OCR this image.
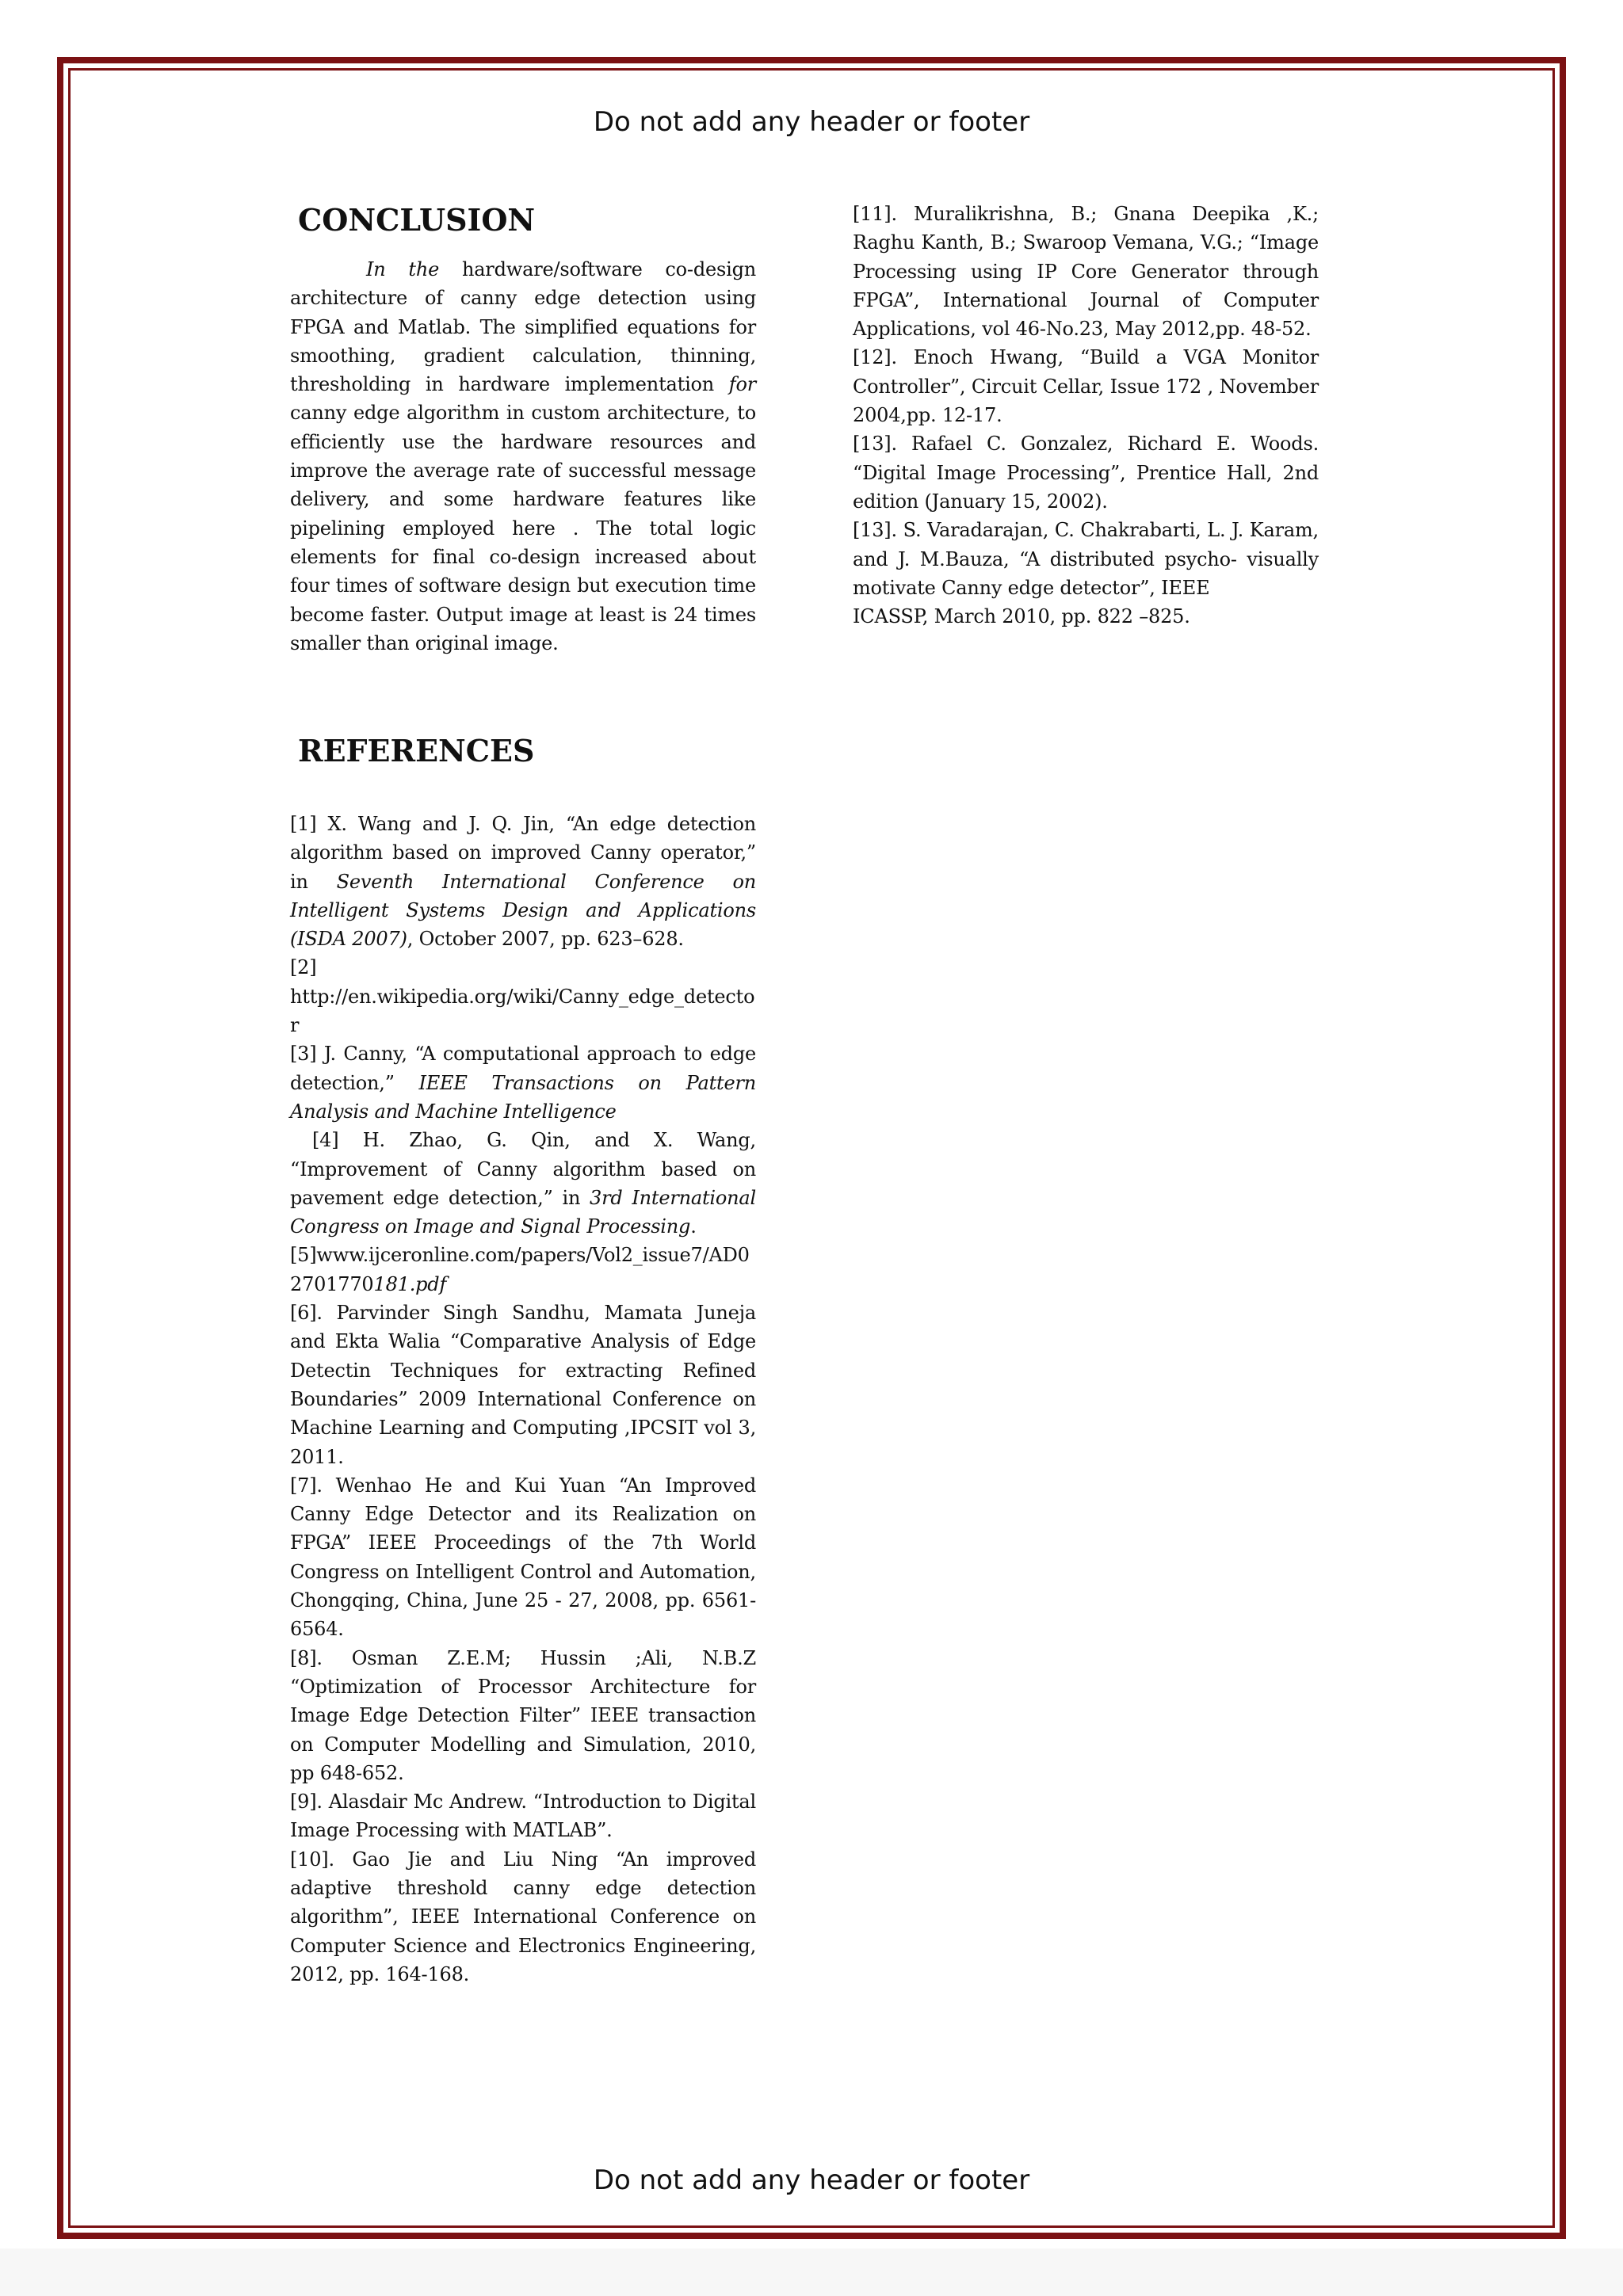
Do not add any header or footer
CONCLUSION

In the hardware/software co-design architecture of canny edge detection using FPGA and Matlab. The simplified equations for smoothing, gradient calculation, thinning, thresholding in hardware implementation for canny edge algorithm in custom architecture, to efficiently use the hardware resources and improve the average rate of successful message delivery, and some hardware features like pipelining employed here . The total logic elements for final co-design increased about four times of software design but execution time become faster. Output image at least is 24 times smaller than original image.

REFERENCES

[1] X. Wang and J. Q. Jin, “An edge detection algorithm based on improved Canny operator,” in Seventh International Conference on Intelligent Systems Design and Applications (ISDA 2007), October 2007, pp. 623–628.

[2]

http://en.wikipedia.org/wiki/Canny_edge_detector

[3] J. Canny, “A computational approach to edge detection,” IEEE Transactions on Pattern Analysis and Machine Intelligence

[4] H. Zhao, G. Qin, and X. Wang, “Improvement of Canny algorithm based on pavement edge detection,” in 3rd International Congress on Image and Signal Processing.

[5]www.ijceronline.com/papers/Vol2_issue7/AD02701770181.pdf

[6]. Parvinder Singh Sandhu, Mamata Juneja and Ekta Walia “Comparative Analysis of Edge Detectin Techniques for extracting Refined Boundaries” 2009 International Conference on Machine Learning and Computing ,IPCSIT vol 3, 2011.

[7]. Wenhao He and Kui Yuan “An Improved Canny Edge Detector and its Realization on FPGA” IEEE Proceedings of the 7th World Congress on Intelligent Control and Automation, Chongqing, China, June 25 - 27, 2008, pp. 6561-6564.

[8]. Osman Z.E.M; Hussin ;Ali, N.B.Z “Optimization of Processor Architecture for Image Edge Detection Filter” IEEE transaction on Computer Modelling and Simulation, 2010, pp 648-652.

[9]. Alasdair Mc Andrew. “Introduction to Digital Image Processing with MATLAB”.

[10]. Gao Jie and Liu Ning “An improved adaptive threshold canny edge detection algorithm”, IEEE International Conference on Computer Science and Electronics Engineering, 2012, pp. 164-168.

[11]. Muralikrishna, B.; Gnana Deepika ,K.; Raghu Kanth, B.; Swaroop Vemana, V.G.; “Image Processing using IP Core Generator through FPGA”, International Journal of Computer Applications, vol 46-No.23, May 2012,pp. 48-52.

[12]. Enoch Hwang, “Build a VGA Monitor Controller”, Circuit Cellar, Issue 172 , November 2004,pp. 12-17.

[13]. Rafael C. Gonzalez, Richard E. Woods. “Digital Image Processing”, Prentice Hall, 2nd edition (January 15, 2002).

[13]. S. Varadarajan, C. Chakrabarti, L. J. Karam, and J. M.Bauza, “A distributed psycho- visually motivate Canny edge detector”, IEEE

ICASSP, March 2010, pp. 822 –825.

Do not add any header or footer
